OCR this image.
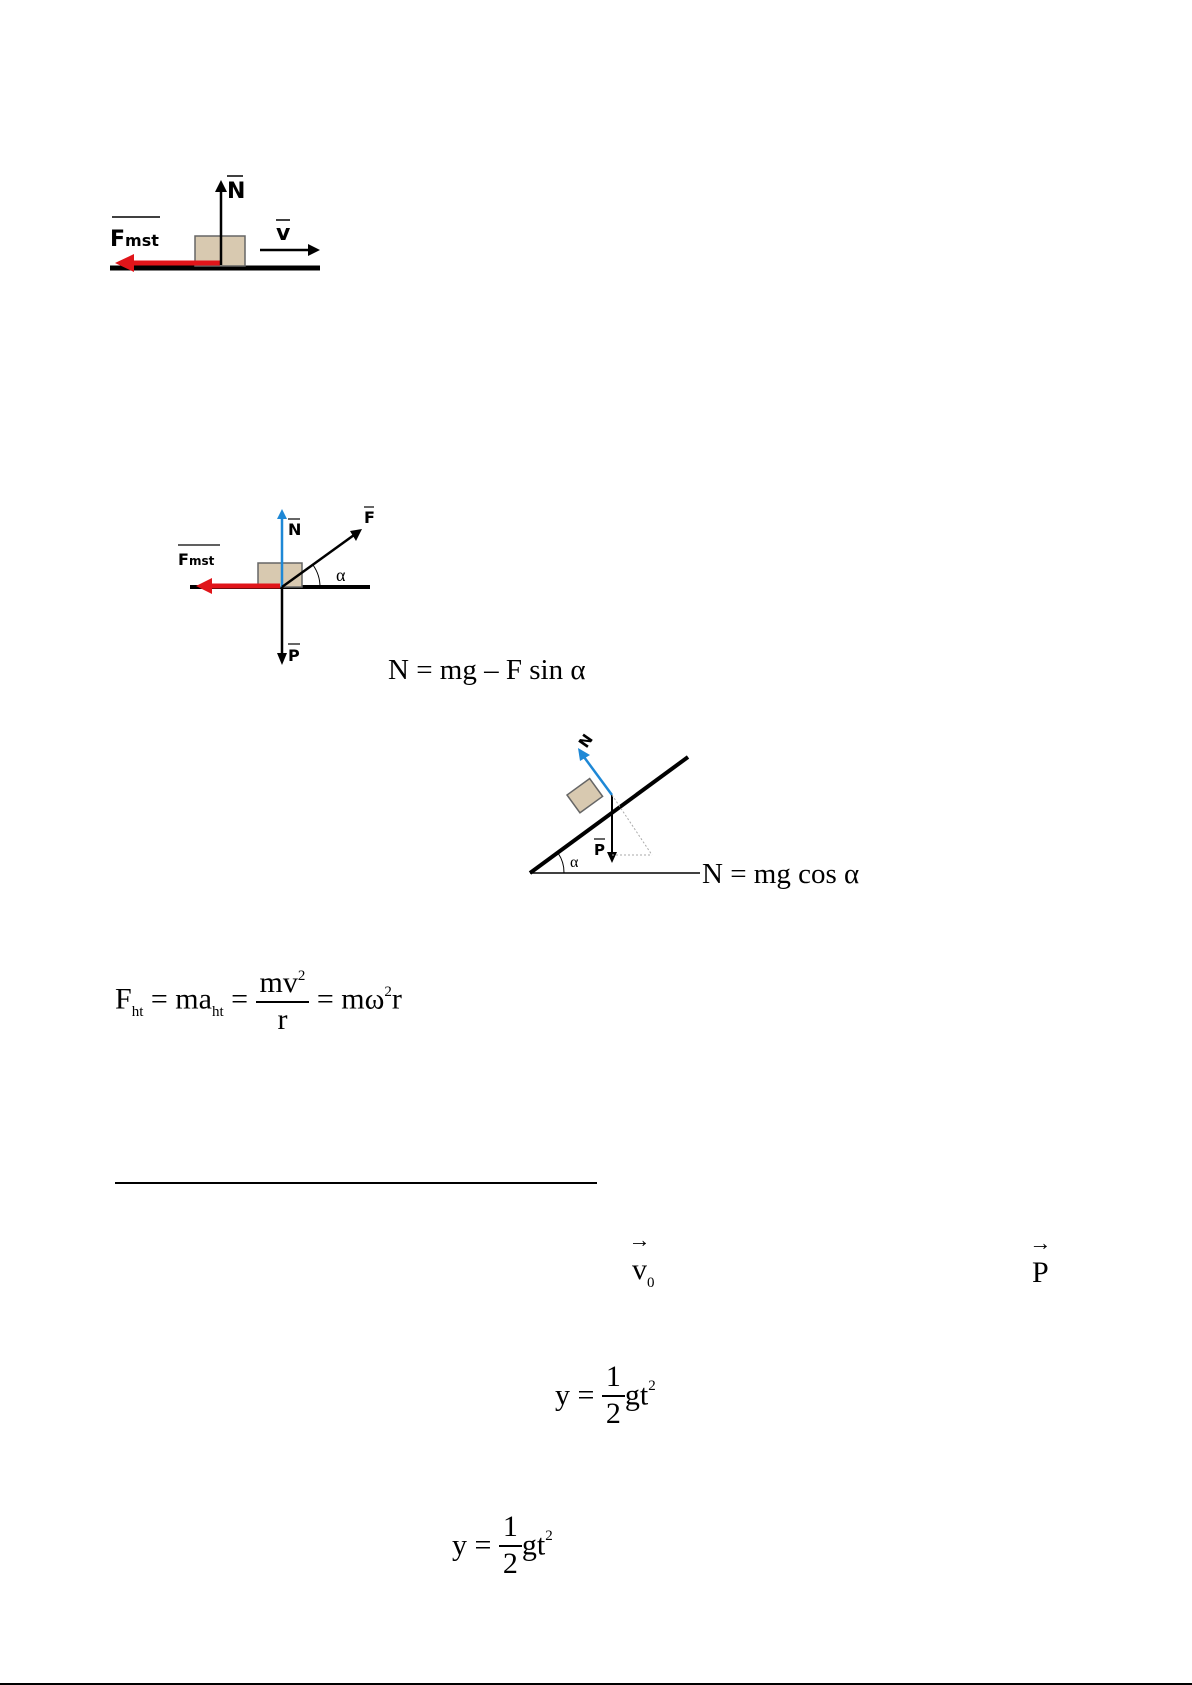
N
Fmst	v
N
F
α
Fmst
P	N = mg – F sin α
α
P
N
N = mg cos α
$F_{ht} = ma_{ht} = \frac{mv^2}{r} = m\omega^2r$
→ $v_0$
→	P
$y = \frac{1}{2} gt^2$
$y = \frac{1}{2} gt^2$
